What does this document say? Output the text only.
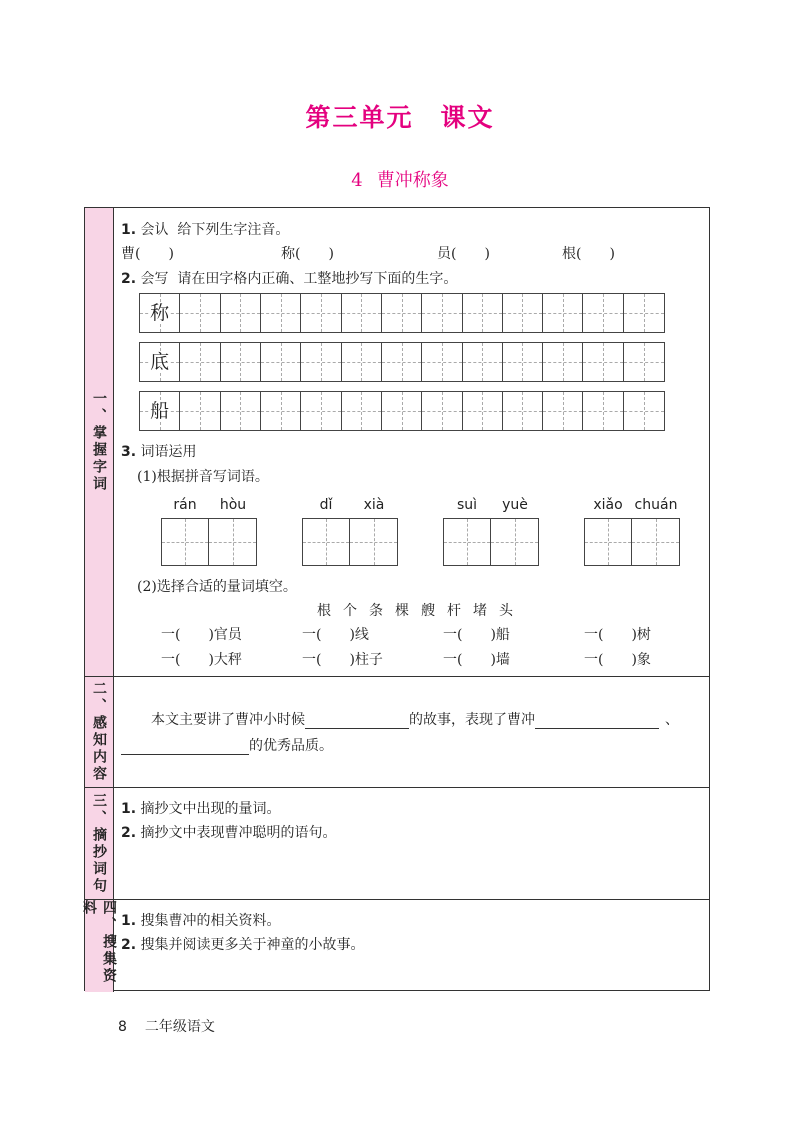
第三单元　课文
4 曹冲称象
一、掌握字词
1. 会认 给下列生字注音。
曹(　　)	称(　　)	员(　　)	根(　　)
2. 会写 请在田字格内正确、工整地抄写下面的生字。
称
底
船
3. 词语运用
(1)根据拼音写词语。
rán	hòu	dǐ	xià	suì	yuè	xiǎo chuán
(2)选择合适的量词填空。
根个条棵艘杆堵头
一(　　)官员	一(　　)线	一(　　)船	一(　　)树
一(　　)大秤	一(　　)柱子	一(　　)墙	一(　　)象
二、感知内容	本文主要讲了曹冲小时候	的故事，表现了曹冲	、
的优秀品质。
三、摘抄词句 1. 摘抄文中出现的量词。
2. 摘抄文中表现曹冲聪明的语句。
四、搜集资料
1. 搜集曹冲的相关资料。
2. 搜集并阅读更多关于神童的小故事。
8 二年级语文
